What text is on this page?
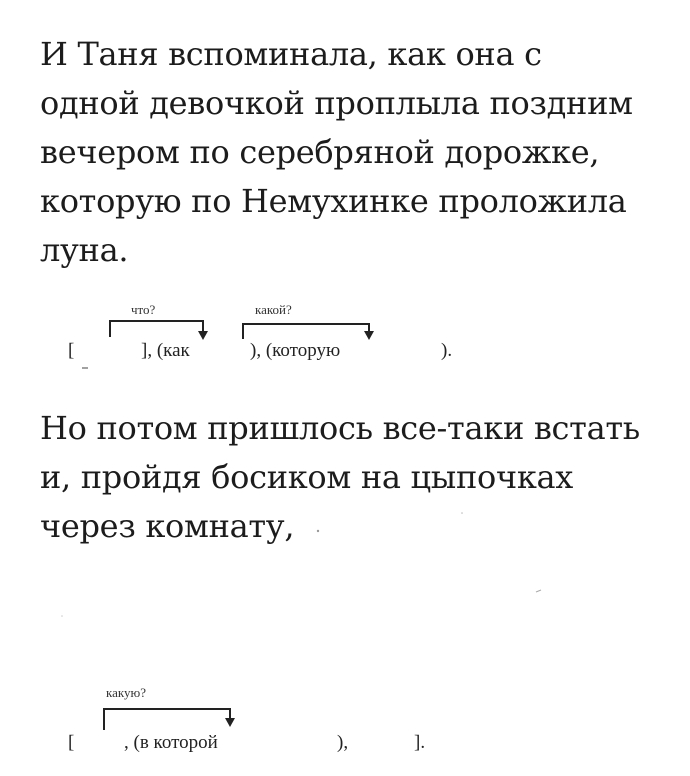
И Таня вспоминала, как она с
одной девочкой проплыла поздним
вечером по серебряной дорожке,
которую по Немухинке проложила
луна.
что?	какой?
[	], (как	), (которую	).
Но потом пришлось все-таки встать
и, пройдя босиком на цыпочках
через комнату,
какую?
[	, (в которой	),	].
